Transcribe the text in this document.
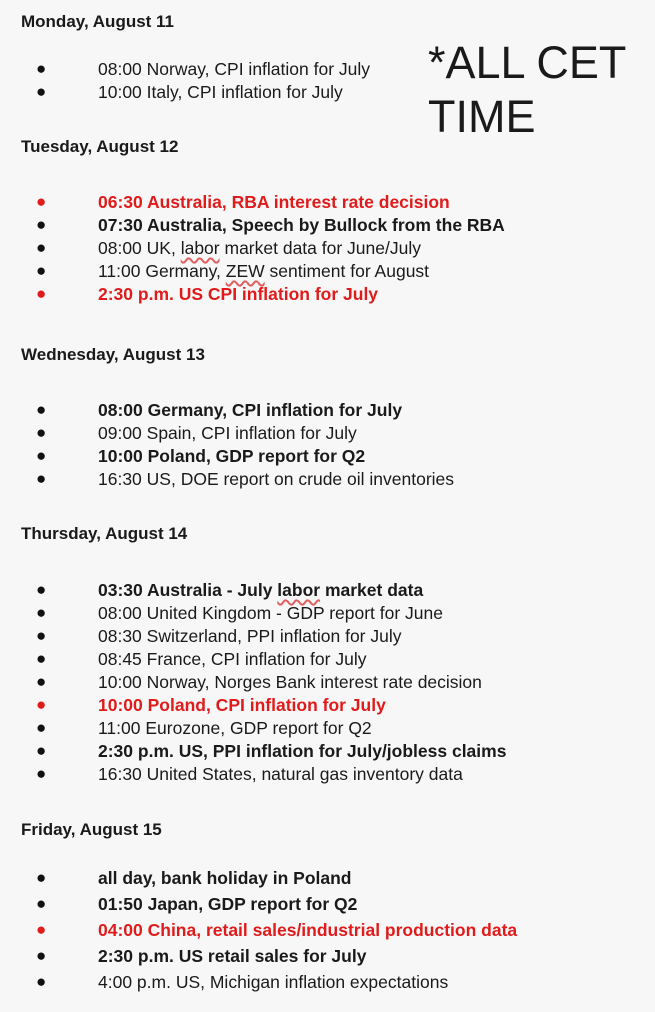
*ALL CET
TIME

Monday, August 11
●	08:00 Norway, CPI inflation for July
●	10:00 Italy, CPI inflation for July
Tuesday, August 12
●	06:30 Australia, RBA interest rate decision
●	07:30 Australia, Speech by Bullock from the RBA
●	08:00 UK, labor market data for June/July
●	11:00 Germany, ZEW sentiment for August
●	2:30 p.m. US CPI inflation for July
Wednesday, August 13
●	08:00 Germany, CPI inflation for July
●	09:00 Spain, CPI inflation for July
●	10:00 Poland, GDP report for Q2
●	16:30 US, DOE report on crude oil inventories
Thursday, August 14
●	03:30 Australia - July labor market data
●	08:00 United Kingdom - GDP report for June
●	08:30 Switzerland, PPI inflation for July
●	08:45 France, CPI inflation for July
●	10:00 Norway, Norges Bank interest rate decision
●	10:00 Poland, CPI inflation for July
●	11:00 Eurozone, GDP report for Q2
●	2:30 p.m. US, PPI inflation for July/jobless claims
●	16:30 United States, natural gas inventory data
Friday, August 15
●	all day, bank holiday in Poland
●	01:50 Japan, GDP report for Q2
●	04:00 China, retail sales/industrial production data
●	2:30 p.m. US retail sales for July
●	4:00 p.m. US, Michigan inflation expectations
